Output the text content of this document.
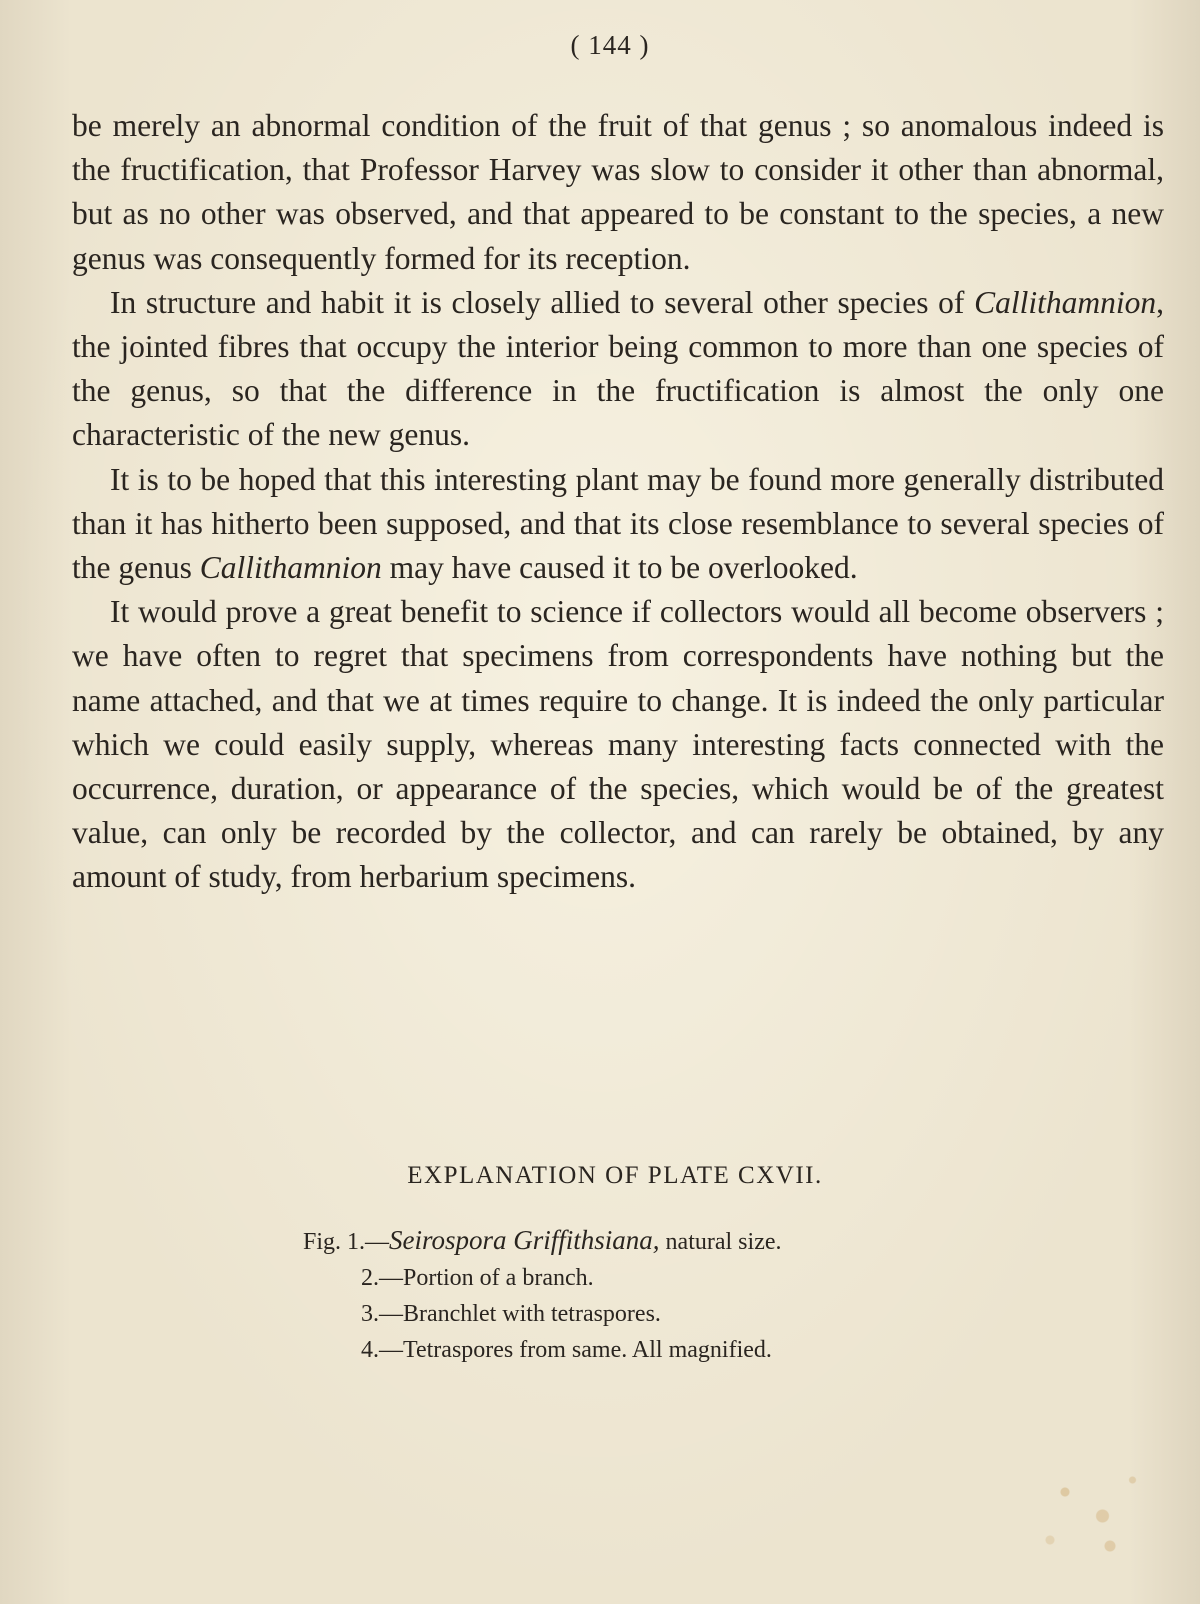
( 144 )

be merely an abnormal condition of the fruit of that genus ; so anomalous indeed is the fructification, that Professor Harvey was slow to consider it other than abnormal, but as no other was observed, and that appeared to be constant to the species, a new genus was consequently formed for its reception.

In structure and habit it is closely allied to several other species of Callithamnion, the jointed fibres that occupy the interior being common to more than one species of the genus, so that the difference in the fructification is almost the only one characteristic of the new genus.

It is to be hoped that this interesting plant may be found more generally distributed than it has hitherto been supposed, and that its close resemblance to several species of the genus Callithamnion may have caused it to be overlooked.

It would prove a great benefit to science if collectors would all become observers ; we have often to regret that specimens from correspondents have nothing but the name attached, and that we at times require to change. It is indeed the only particular which we could easily supply, whereas many interesting facts connected with the occurrence, duration, or appearance of the species, which would be of the greatest value, can only be recorded by the collector, and can rarely be obtained, by any amount of study, from herbarium specimens.

EXPLANATION OF PLATE CXVII.
Fig. 1.—Seirospora Griffithsiana, natural size.
2.—Portion of a branch.
3.—Branchlet with tetraspores.
4.—Tetraspores from same. All magnified.
